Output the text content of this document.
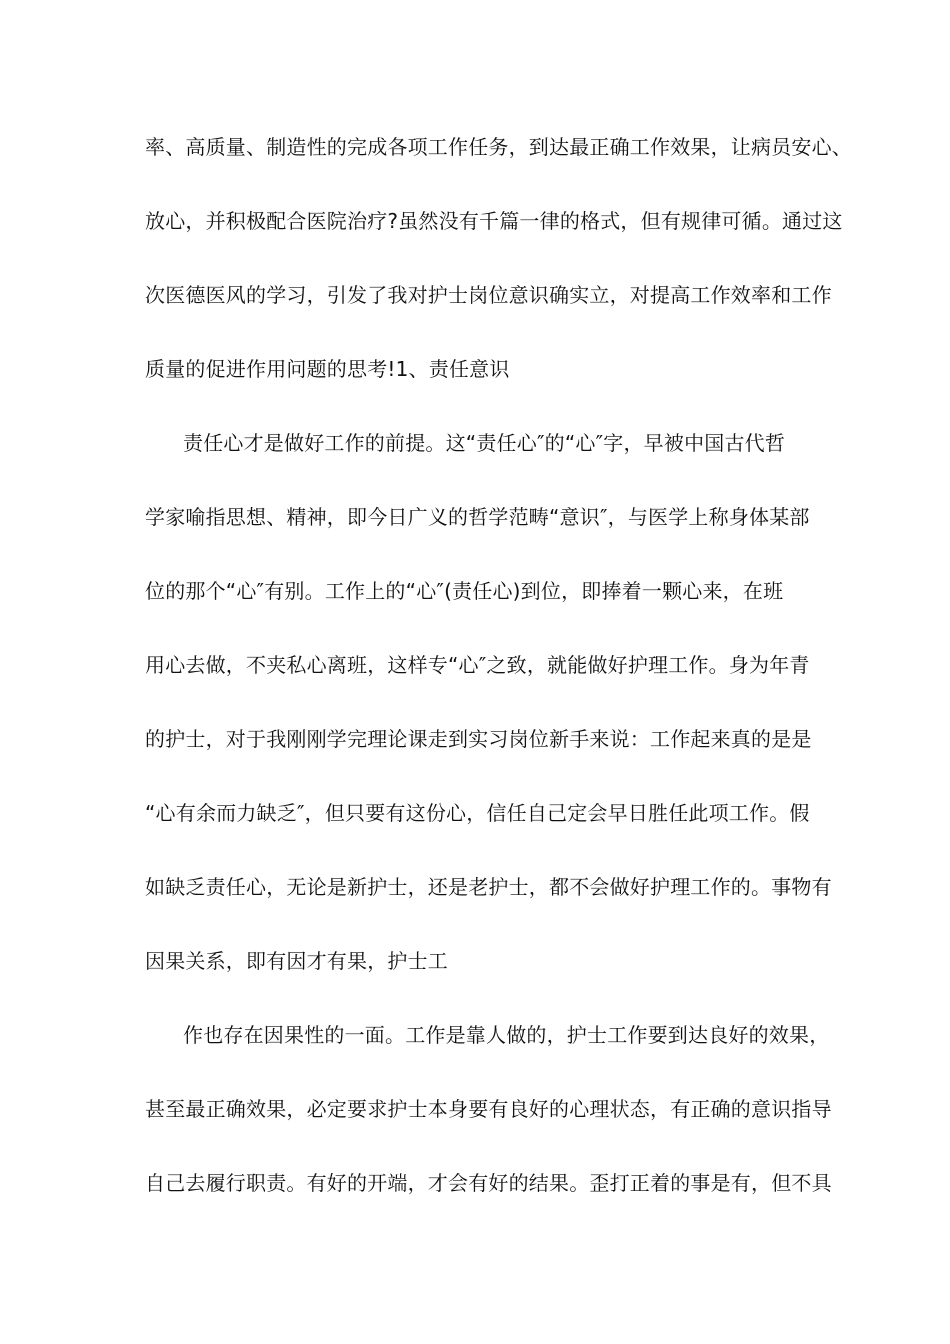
率、高质量、制造性的完成各项工作任务，到达最正确工作效果，让病员安心、
放心，并积极配合医院治疗?虽然没有千篇一律的格式，但有规律可循。通过这
次医德医风的学习，引发了我对护士岗位意识确实立，对提高工作效率和工作
质量的促进作用问题的思考!1、责任意识
责任心才是做好工作的前提。这“责任心″的“心″字，早被中国古代哲
学家喻指思想、精神，即今日广义的哲学范畴“意识″，与医学上称身体某部
位的那个“心″有别。工作上的“心″(责任心)到位，即捧着一颗心来，在班
用心去做，不夹私心离班，这样专“心″之致，就能做好护理工作。身为年青
的护士，对于我刚刚学完理论课走到实习岗位新手来说：工作起来真的是是
“心有余而力缺乏″，但只要有这份心，信任自己定会早日胜任此项工作。假
如缺乏责任心，无论是新护士，还是老护士，都不会做好护理工作的。事物有
因果关系，即有因才有果，护士工
作也存在因果性的一面。工作是靠人做的，护士工作要到达良好的效果，
甚至最正确效果，必定要求护士本身要有良好的心理状态，有正确的意识指导
自己去履行职责。有好的开端，才会有好的结果。歪打正着的事是有，但不具
